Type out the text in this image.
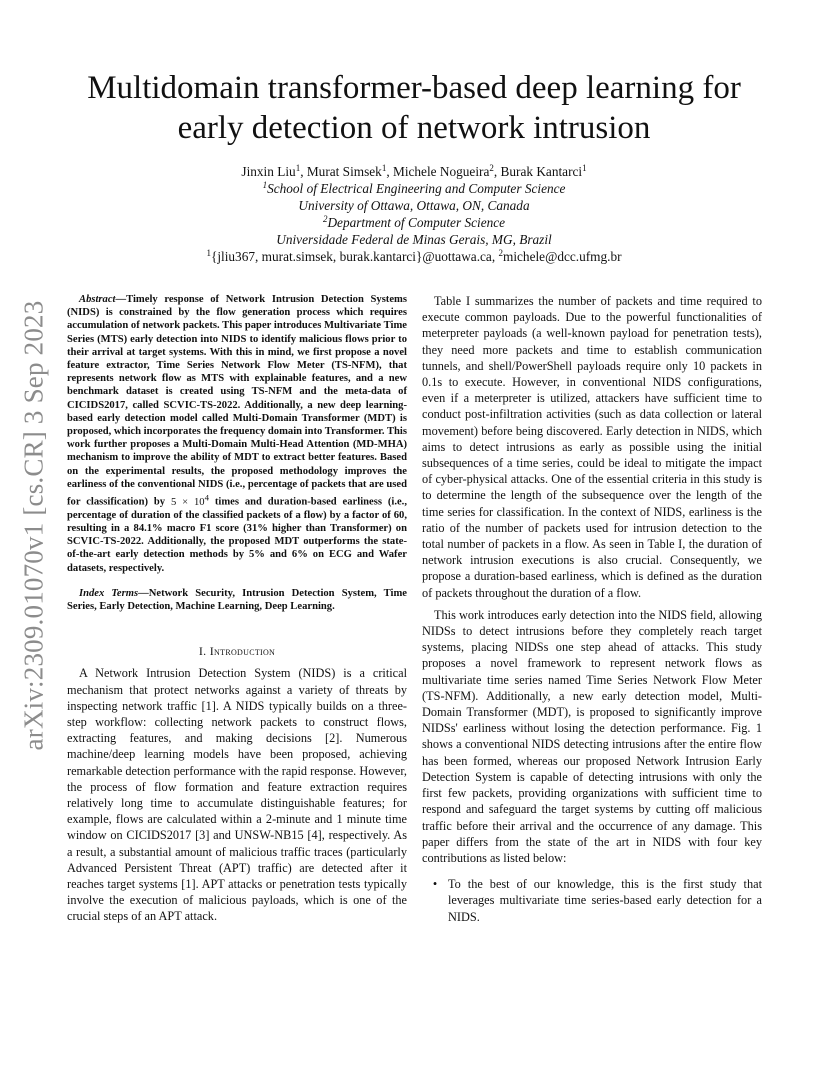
arXiv:2309.01070v1 [cs.CR] 3 Sep 2023
Multidomain transformer-based deep learning for early detection of network intrusion
Jinxin Liu$^1$, Murat Simsek$^1$, Michele Nogueira$^2$, Burak Kantarci$^1$
$^1$School of Electrical Engineering and Computer Science
University of Ottawa, Ottawa, ON, Canada
$^2$Department of Computer Science
Universidade Federal de Minas Gerais, MG, Brazil
$^1${jliu367, murat.simsek, burak.kantarci}@uottawa.ca, $^2$michele@dcc.ufmg.br

Abstract—Timely response of Network Intrusion Detection Systems (NIDS) is constrained by the flow generation process which requires accumulation of network packets. This paper introduces Multivariate Time Series (MTS) early detection into NIDS to identify malicious flows prior to their arrival at target systems. With this in mind, we first propose a novel feature extractor, Time Series Network Flow Meter (TS-NFM), that represents network flow as MTS with explainable features, and a new benchmark dataset is created using TS-NFM and the meta-data of CICIDS2017, called SCVIC-TS-2022. Additionally, a new deep learning-based early detection model called Multi-Domain Transformer (MDT) is proposed, which incorporates the frequency domain into Transformer. This work further proposes a Multi-Domain Multi-Head Attention (MD-MHA) mechanism to improve the ability of MDT to extract better features. Based on the experimental results, the proposed methodology improves the earliness of the conventional NIDS (i.e., percentage of packets that are used for classification) by $5 \times 10^4$ times and duration-based earliness (i.e., percentage of duration of the classified packets of a flow) by a factor of 60, resulting in a 84.1% macro F1 score (31% higher than Transformer) on SCVIC-TS-2022. Additionally, the proposed MDT outperforms the state-of-the-art early detection methods by 5% and 6% on ECG and Wafer datasets, respectively.

Index Terms—Network Security, Intrusion Detection System, Time Series, Early Detection, Machine Learning, Deep Learning.

I. Introduction

A Network Intrusion Detection System (NIDS) is a critical mechanism that protect networks against a variety of threats by inspecting network traffic [1]. A NIDS typically builds on a three-step workflow: collecting network packets to construct flows, extracting features, and making decisions [2]. Numerous machine/deep learning models have been proposed, achieving remarkable detection performance with the rapid response. However, the process of flow formation and feature extraction requires relatively long time to accumulate distinguishable features; for example, flows are calculated within a 2-minute and 1 minute time window on CICIDS2017 [3] and UNSW-NB15 [4], respectively. As a result, a substantial amount of malicious traffic traces (particularly Advanced Persistent Threat (APT) traffic) are detected after it reaches target systems [1]. APT attacks or penetration tests typically involve the execution of malicious payloads, which is one of the crucial steps of an APT attack.

Table I summarizes the number of packets and time required to execute common payloads. Due to the powerful functionalities of meterpreter payloads (a well-known payload for penetration tests), they need more packets and time to establish communication tunnels, and shell/PowerShell payloads require only 10 packets in 0.1s to execute. However, in conventional NIDS configurations, even if a meterpreter is utilized, attackers have sufficient time to conduct post-infiltration activities (such as data collection or lateral movement) before being discovered. Early detection in NIDS, which aims to detect intrusions as early as possible using the initial subsequences of a time series, could be ideal to mitigate the impact of cyber-physical attacks. One of the essential criteria in this study is to determine the length of the subsequence over the length of the time series for classification. In the context of NIDS, earliness is the ratio of the number of packets used for intrusion detection to the total number of packets in a flow. As seen in Table I, the duration of network intrusion executions is also crucial. Consequently, we propose a duration-based earliness, which is defined as the duration of packets throughout the duration of a flow.

This work introduces early detection into the NIDS field, allowing NIDSs to detect intrusions before they completely reach target systems, placing NIDSs one step ahead of attacks. This study proposes a novel framework to represent network flows as multivariate time series named Time Series Network Flow Meter (TS-NFM). Additionally, a new early detection model, Multi-Domain Transformer (MDT), is proposed to significantly improve NIDSs' earliness without losing the detection performance. Fig. 1 shows a conventional NIDS detecting intrusions after the entire flow has been formed, whereas our proposed Network Intrusion Early Detection System is capable of detecting intrusions with only the first few packets, providing organizations with sufficient time to respond and safeguard the target systems by cutting off malicious traffic before their arrival and the occurrence of any damage. This paper differs from the state of the art in NIDS with four key contributions as listed below:

• To the best of our knowledge, this is the first study that leverages multivariate time series-based early detection for a NIDS.
